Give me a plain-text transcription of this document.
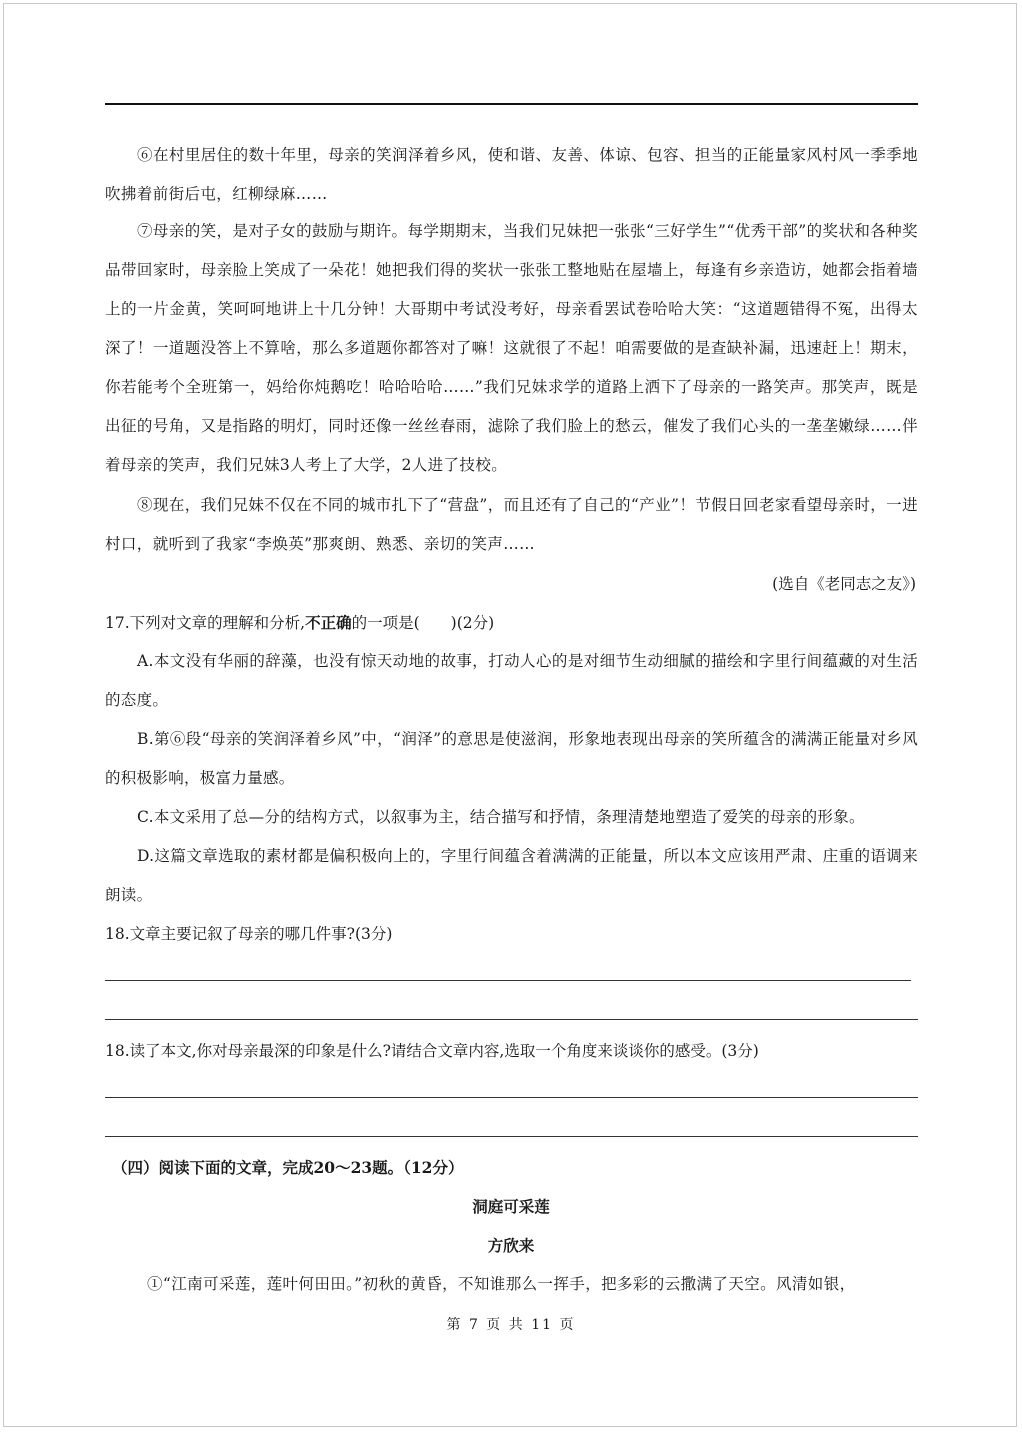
⑥在村里居住的数十年里，母亲的笑润泽着乡风，使和谐、友善、体谅、包容、担当的正能量家风村风一季季地吹拂着前街后屯，红柳绿麻……
⑦母亲的笑，是对子女的鼓励与期许。每学期期末，当我们兄妹把一张张“三好学生”“优秀干部”的奖状和各种奖品带回家时，母亲脸上笑成了一朵花！她把我们得的奖状一张张工整地贴在屋墙上，每逢有乡亲造访，她都会指着墙上的一片金黄，笑呵呵地讲上十几分钟！大哥期中考试没考好，母亲看罢试卷哈哈大笑：“这道题错得不冤，出得太深了！一道题没答上不算啥，那么多道题你都答对了嘛！这就很了不起！咱需要做的是查缺补漏，迅速赶上！期末，你若能考个全班第一，妈给你炖鹅吃！哈哈哈哈……”我们兄妹求学的道路上洒下了母亲的一路笑声。那笑声，既是出征的号角，又是指路的明灯，同时还像一丝丝春雨，滤除了我们脸上的愁云，催发了我们心头的一垄垄嫩绿……伴着母亲的笑声，我们兄妹3人考上了大学，2人进了技校。
⑧现在，我们兄妹不仅在不同的城市扎下了“营盘”，而且还有了自己的“产业”！节假日回老家看望母亲时，一进村口，就听到了我家“李焕英”那爽朗、熟悉、亲切的笑声……
(选自《老同志之友》)
17.下列对文章的理解和分析,不正确的一项是(　　)(2分)
A.本文没有华丽的辞藻，也没有惊天动地的故事，打动人心的是对细节生动细腻的描绘和字里行间蕴藏的对生活的态度。
B.第⑥段“母亲的笑润泽着乡风”中，“润泽”的意思是使滋润，形象地表现出母亲的笑所蕴含的满满正能量对乡风的积极影响，极富力量感。
C.本文采用了总—分的结构方式，以叙事为主，结合描写和抒情，条理清楚地塑造了爱笑的母亲的形象。
D.这篇文章选取的素材都是偏积极向上的，字里行间蕴含着满满的正能量，所以本文应该用严肃、庄重的语调来朗读。
18.文章主要记叙了母亲的哪几件事?(3分)
18.读了本文,你对母亲最深的印象是什么?请结合文章内容,选取一个角度来谈谈你的感受。(3分)
（四）阅读下面的文章，完成20～23题。（12分）
洞庭可采莲
方欣来
①“江南可采莲，莲叶何田田。”初秋的黄昏，不知谁那么一挥手，把多彩的云撒满了天空。风清如银，
第 7 页 共 11 页
